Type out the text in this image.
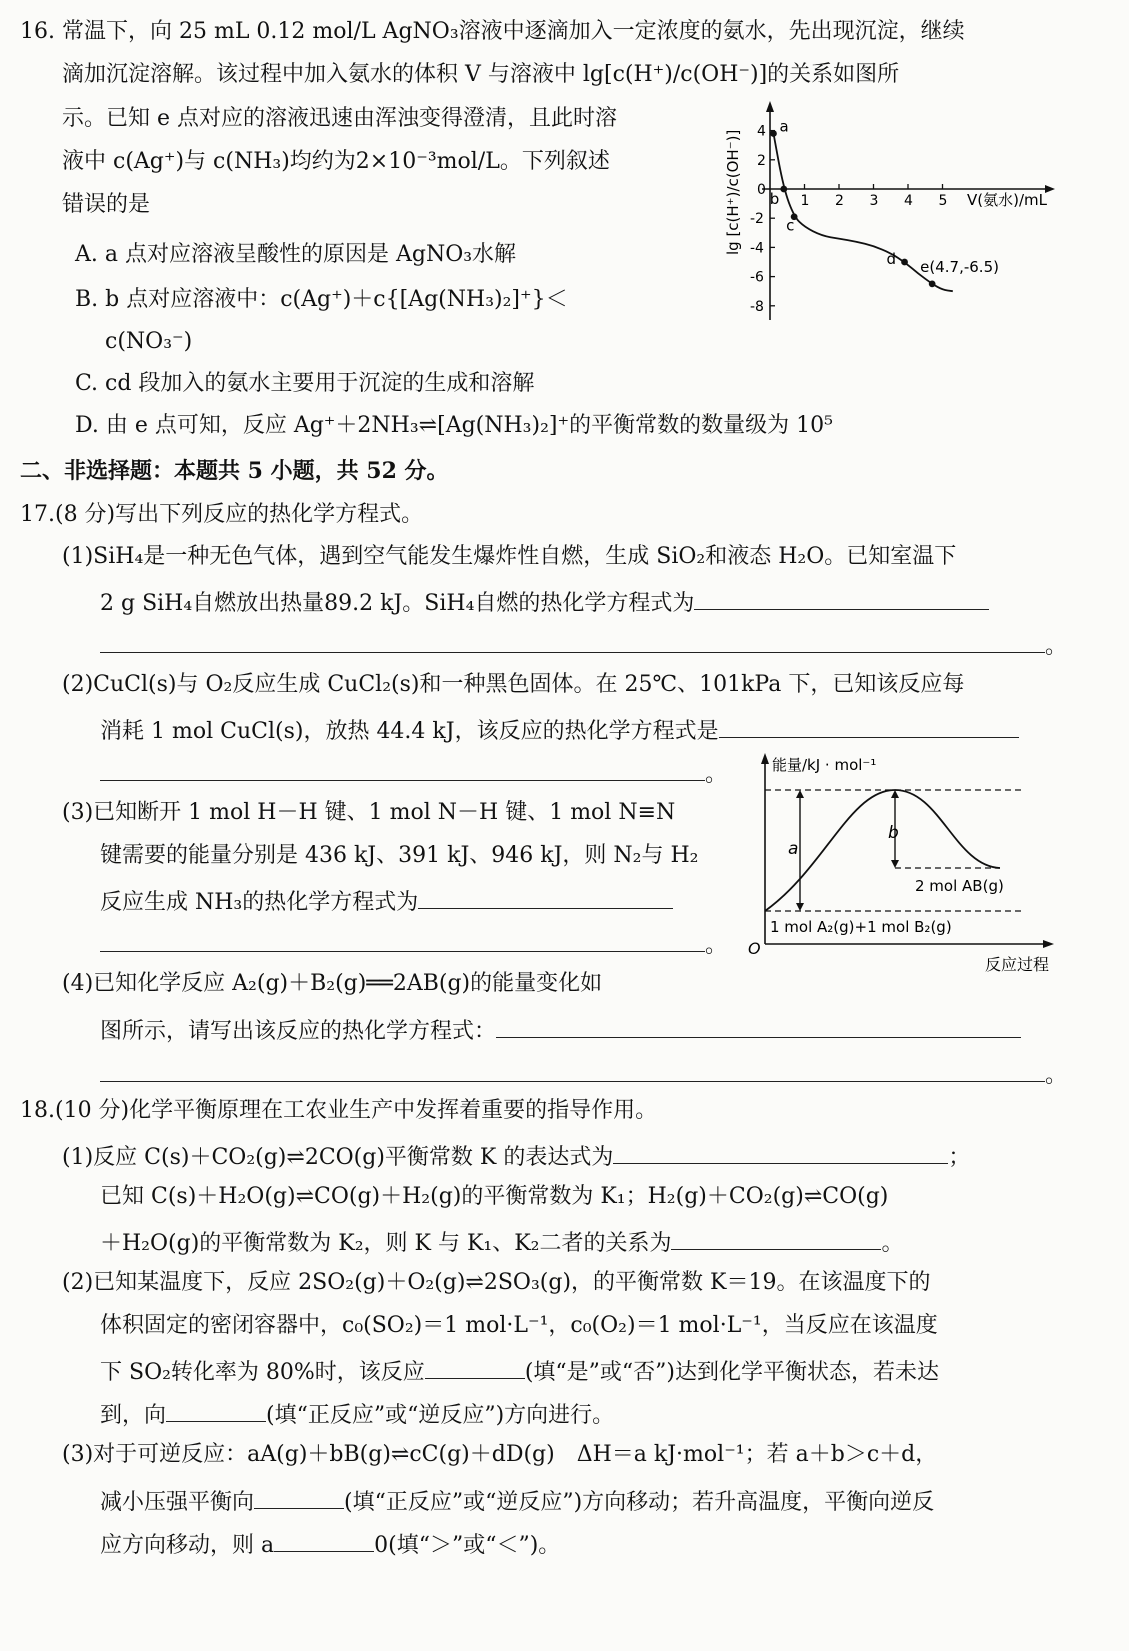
16. 常温下，向 25 mL 0.12 mol/L AgNO₃溶液中逐滴加入一定浓度的氨水，先出现沉淀，继续
滴加沉淀溶解。该过程中加入氨水的体积 V 与溶液中 lg[c(H⁺)/c(OH⁻)]的关系如图所
示。已知 e 点对应的溶液迅速由浑浊变得澄清，且此时溶
液中 c(Ag⁺)与 c(NH₃)均约为2×10⁻³mol/L。下列叙述
错误的是
A. a 点对应溶液呈酸性的原因是 AgNO₃水解
B. b 点对应溶液中：c(Ag⁺)＋c{[Ag(NH₃)₂]⁺}＜
c(NO₃⁻)
C. cd 段加入的氨水主要用于沉淀的生成和溶解
D. 由 e 点可知，反应 Ag⁺＋2NH₃⇌[Ag(NH₃)₂]⁺的平衡常数的数量级为 10⁵
1 2 3 4 5
4
2
0
-2
-4
-6
-8
a
b
c
d e(4.7,-6.5)
lg [c(H⁺)/c(OH⁻)]	V(氨水)/mL
二、非选择题：本题共 5 小题，共 52 分。
17.(8 分)写出下列反应的热化学方程式。
(1)SiH₄是一种无色气体，遇到空气能发生爆炸性自燃，生成 SiO₂和液态 H₂O。已知室温下
2 g SiH₄自燃放出热量89.2 kJ。SiH₄自燃的热化学方程式为
。
(2)CuCl(s)与 O₂反应生成 CuCl₂(s)和一种黑色固体。在 25℃、101kPa 下，已知该反应每
消耗 1 mol CuCl(s)，放热 44.4 kJ，该反应的热化学方程式是
。
(3)已知断开 1 mol H－H 键、1 mol N－H 键、1 mol N≡N
键需要的能量分别是 436 kJ、391 kJ、946 kJ，则 N₂与 H₂
反应生成 NH₃的热化学方程式为
。
(4)已知化学反应 A₂(g)＋B₂(g)══2AB(g)的能量变化如
图所示，请写出该反应的热化学方程式：
。
能量/kJ · mol⁻¹
a
b
2 mol AB(g)
1 mol A₂(g)+1 mol B₂(g)
O
反应过程
18.(10 分)化学平衡原理在工农业生产中发挥着重要的指导作用。
(1)反应 C(s)＋CO₂(g)⇌2CO(g)平衡常数 K 的表达式为	；
已知 C(s)＋H₂O(g)⇌CO(g)＋H₂(g)的平衡常数为 K₁；H₂(g)＋CO₂(g)⇌CO(g)
＋H₂O(g)的平衡常数为 K₂，则 K 与 K₁、K₂二者的关系为	。
(2)已知某温度下，反应 2SO₂(g)＋O₂(g)⇌2SO₃(g)，的平衡常数 K＝19。在该温度下的
体积固定的密闭容器中，c₀(SO₂)＝1 mol·L⁻¹，c₀(O₂)＝1 mol·L⁻¹，当反应在该温度
下 SO₂转化率为 80%时，该反应	(填“是”或“否”)达到化学平衡状态，若未达
到，向	(填“正反应”或“逆反应”)方向进行。
(3)对于可逆反应：aA(g)＋bB(g)⇌cC(g)＋dD(g)　ΔH＝a kJ·mol⁻¹；若 a＋b＞c＋d，
减小压强平衡向	(填“正反应”或“逆反应”)方向移动；若升高温度，平衡向逆反
应方向移动，则 a	0(填“＞”或“＜”)。
